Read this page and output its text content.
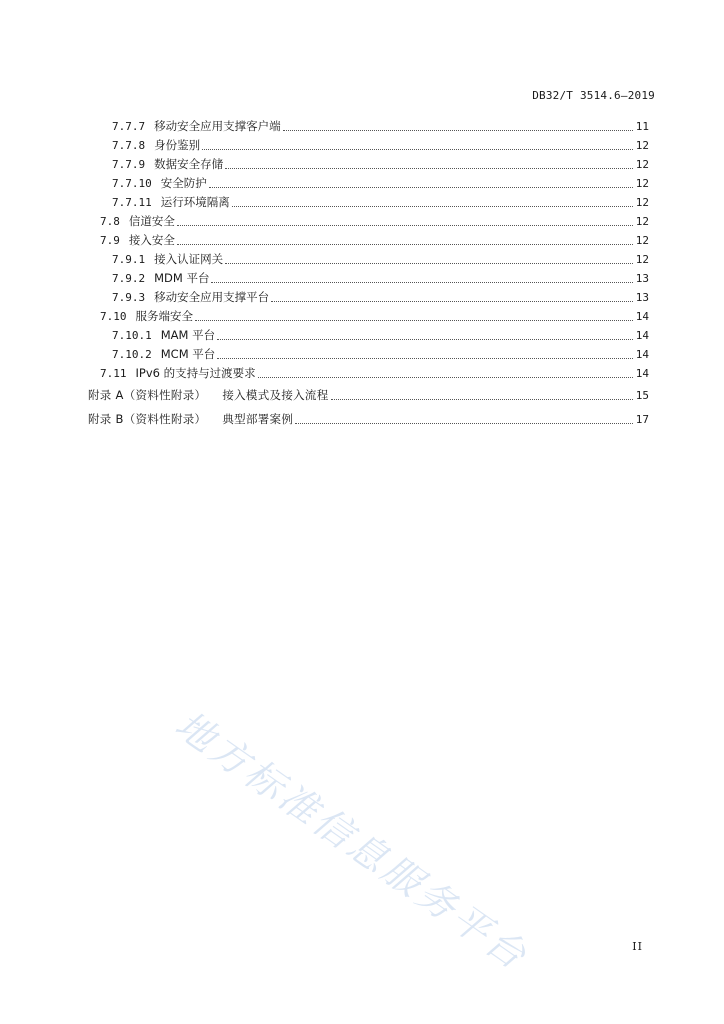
DB32/T 3514.6—2019
7.7.7 移动安全应用支撑客户端	11
7.7.8 身份鉴别	12
7.7.9 数据安全存储	12
7.7.10 安全防护	12
7.7.11 运行环境隔离	12
7.8 信道安全	12
7.9 接入安全	12
7.9.1 接入认证网关	12
7.9.2 MDM 平台	13
7.9.3 移动安全应用支撑平台	13
7.10 服务端安全	14
7.10.1 MAM 平台	14
7.10.2 MCM 平台	14
7.11 IPv6 的支持与过渡要求	14
附录 A（资料性附录） 接入模式及接入流程	15
附录 B（资料性附录） 典型部署案例	17
地方标准信息服务平台	II
